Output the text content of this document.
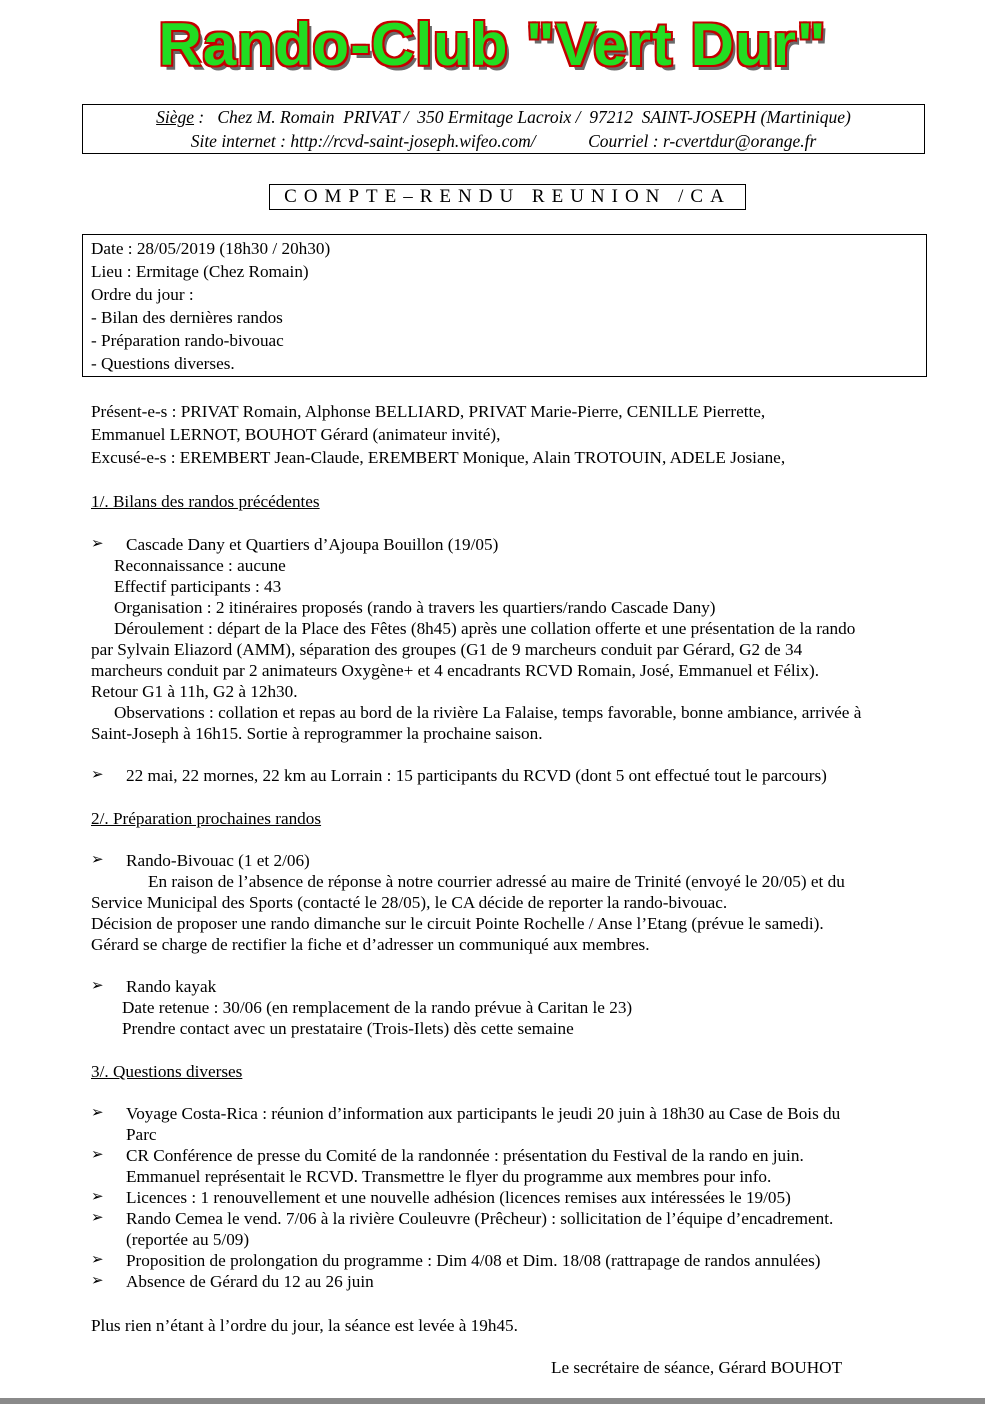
Rando-Club "Vert Dur"
Siège :   Chez M. Romain  PRIVAT /  350 Ermitage Lacroix /  97212  SAINT-JOSEPH (Martinique)
Site internet : http://rcvd-saint-joseph.wifeo.com/            Courriel : r-cvertdur@orange.fr
COMPTE–RENDU REUNION /CA
Date : 28/05/2019 (18h30 / 20h30)
Lieu : Ermitage (Chez Romain)
Ordre du jour :
- Bilan des dernières randos
- Préparation rando-bivouac
- Questions diverses.
Présent-e-s : PRIVAT Romain, Alphonse BELLIARD, PRIVAT Marie-Pierre, CENILLE Pierrette,
Emmanuel LERNOT, BOUHOT Gérard (animateur invité),
Excusé-e-s : EREMBERT Jean-Claude, EREMBERT Monique, Alain TROTOUIN, ADELE Josiane,
1/. Bilans des randos précédentes
➢ Cascade Dany et Quartiers d’Ajoupa Bouillon (19/05)
Reconnaissance : aucune
Effectif participants : 43
Organisation : 2 itinéraires proposés (rando à travers les quartiers/rando Cascade Dany)
Déroulement : départ de la Place des Fêtes (8h45) après une collation offerte et une présentation de la rando
par Sylvain Eliazord (AMM), séparation des groupes (G1 de 9 marcheurs conduit par Gérard, G2 de 34
marcheurs conduit par 2 animateurs Oxygène+ et 4 encadrants RCVD Romain, José, Emmanuel et Félix).
Retour G1 à 11h, G2 à 12h30.
Observations : collation et repas au bord de la rivière La Falaise, temps favorable, bonne ambiance, arrivée à
Saint-Joseph à 16h15. Sortie à reprogrammer la prochaine saison.
➢ 22 mai, 22 mornes, 22 km au Lorrain : 15 participants du RCVD (dont 5 ont effectué tout le parcours)
2/. Préparation prochaines randos
➢ Rando-Bivouac (1 et 2/06)
En raison de l’absence de réponse à notre courrier adressé au maire de Trinité (envoyé le 20/05) et du
Service Municipal des Sports (contacté le 28/05), le CA décide de reporter la rando-bivouac.
Décision de proposer une rando dimanche sur le circuit Pointe Rochelle / Anse l’Etang (prévue le samedi).
Gérard se charge de rectifier la fiche et d’adresser un communiqué aux membres.
➢ Rando kayak
Date retenue : 30/06 (en remplacement de la rando prévue à Caritan le 23)
Prendre contact avec un prestataire (Trois-Ilets) dès cette semaine
3/. Questions diverses
➢ Voyage Costa-Rica : réunion d’information aux participants le jeudi 20 juin à 18h30 au Case de Bois du
Parc
➢ CR Conférence de presse du Comité de la randonnée : présentation du Festival de la rando en juin.
Emmanuel représentait le RCVD. Transmettre le flyer du programme aux membres pour info.
➢ Licences : 1 renouvellement et une nouvelle adhésion (licences remises aux intéressées le 19/05)
➢ Rando Cemea le vend. 7/06 à la rivière Couleuvre (Prêcheur) : sollicitation de l’équipe d’encadrement.
(reportée au 5/09)
➢ Proposition de prolongation du programme : Dim 4/08 et Dim. 18/08 (rattrapage de randos annulées)
➢ Absence de Gérard du 12 au 26 juin
Plus rien n’étant à l’ordre du jour, la séance est levée à 19h45.
Le secrétaire de séance, Gérard BOUHOT
